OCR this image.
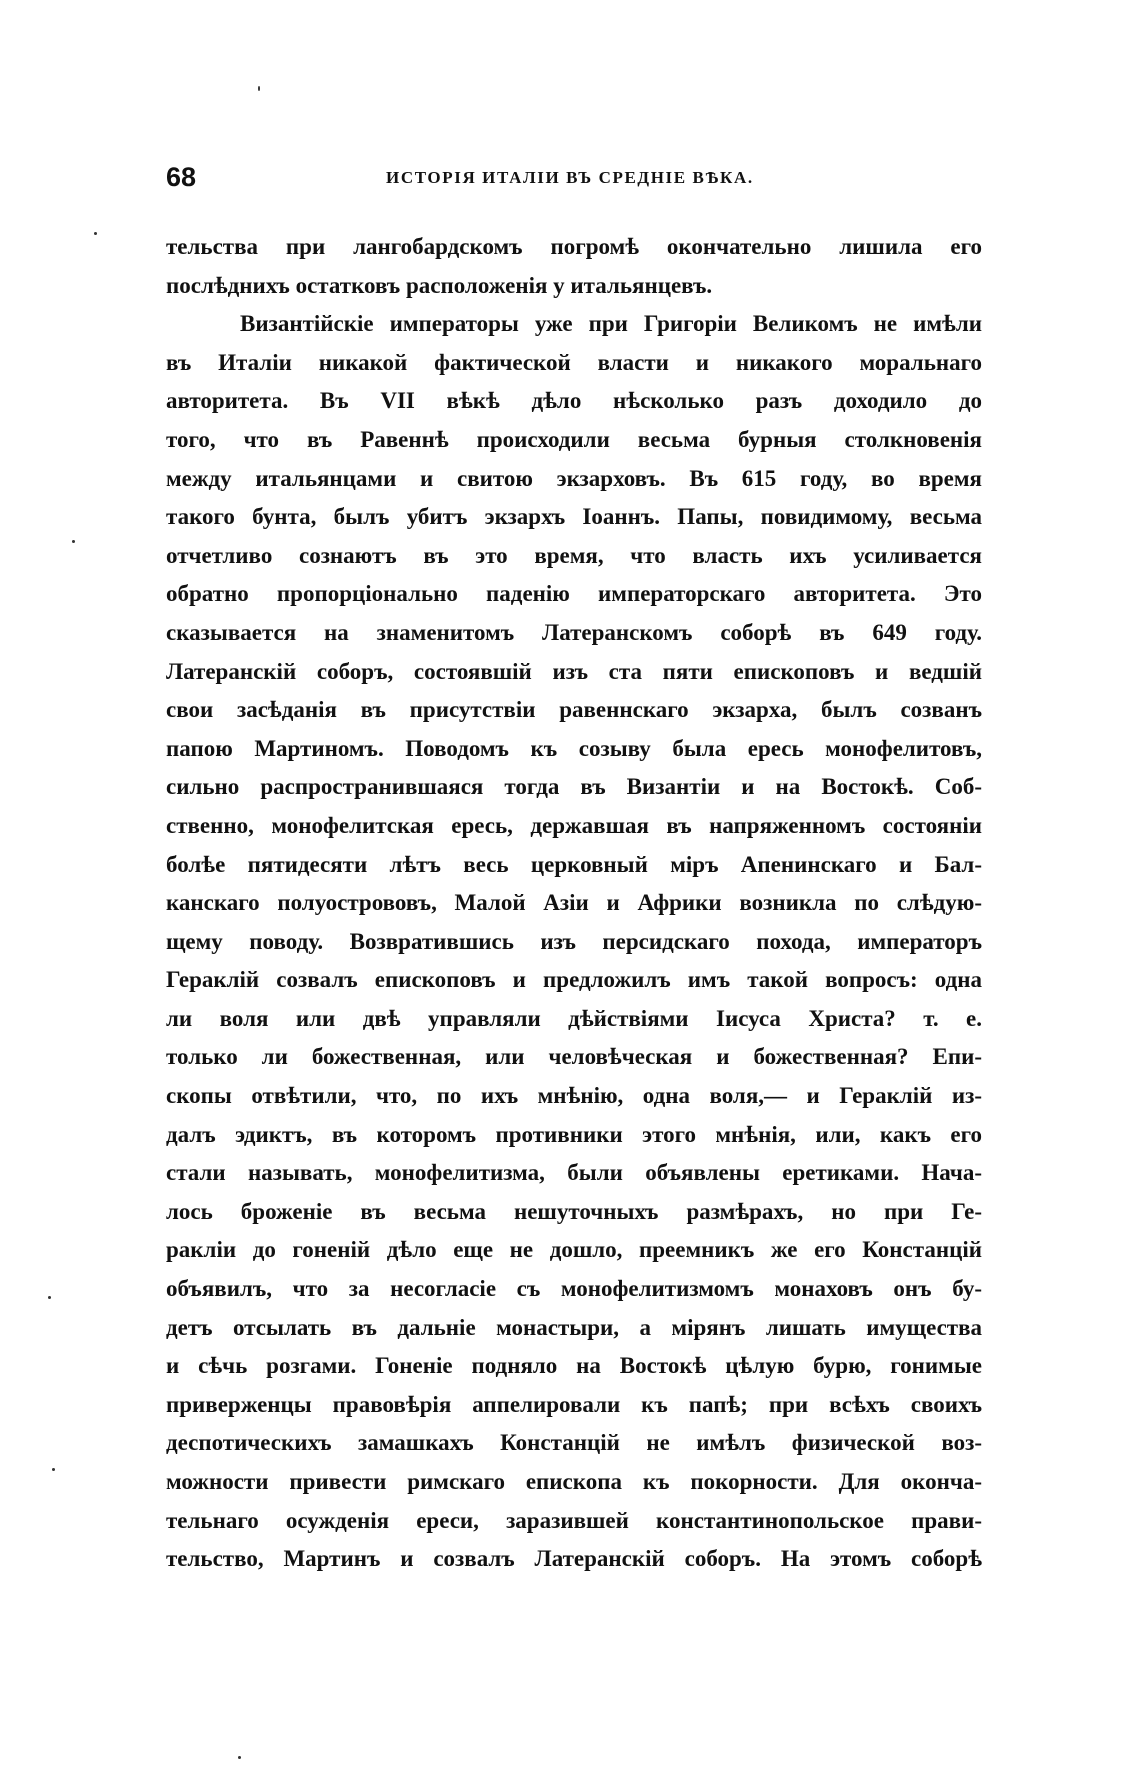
68	ИСТОРІЯ ИТАЛІИ ВЪ СРЕДНІЕ ВѢКА.
тельства при лангобардскомъ погромѣ окончательно лишила его
послѣднихъ остатковъ расположенія у итальянцевъ.
Византійскіе императоры уже при Григоріи Великомъ не имѣли
въ Италіи никакой фактической власти и никакого моральнаго
авторитета. Въ VII вѣкѣ дѣло нѣсколько разъ доходило до
того, что въ Равеннѣ происходили весьма бурныя столкновенія
между итальянцами и свитою экзарховъ. Въ 615 году, во время
такого бунта, былъ убитъ экзархъ Іоаннъ. Папы, повидимому, весьма
отчетливо сознаютъ въ это время, что власть ихъ усиливается
обратно пропорціонально паденію императорскаго авторитета. Это
сказывается на знаменитомъ Латеранскомъ соборѣ въ 649 году.
Латеранскій соборъ, состоявшій изъ ста пяти епископовъ и ведшій
свои засѣданія въ присутствіи равеннскаго экзарха, былъ созванъ
папою Мартиномъ. Поводомъ къ созыву была ересь монофелитовъ,
сильно распространившаяся тогда въ Византіи и на Востокѣ. Соб-
ственно, монофелитская ересь, державшая въ напряженномъ состояніи
болѣе пятидесяти лѣтъ весь церковный міръ Апенинскаго и Бал-
канскаго полуострововъ, Малой Азіи и Африки возникла по слѣдую-
щему поводу. Возвратившись изъ персидскаго похода, императоръ
Гераклій созвалъ епископовъ и предложилъ имъ такой вопросъ: одна
ли воля или двѣ управляли дѣйствіями Іисуса Христа? т. е.
только ли божественная, или человѣческая и божественная? Епи-
скопы отвѣтили, что, по ихъ мнѣнію, одна воля,— и Гераклій из-
далъ эдиктъ, въ которомъ противники этого мнѣнія, или, какъ его
стали называть, монофелитизма, были объявлены еретиками. Нача-
лось броженіе въ весьма нешуточныхъ размѣрахъ, но при Ге-
ракліи до гоненій дѣло еще не дошло, преемникъ же его Констанцій
объявилъ, что за несогласіе съ монофелитизмомъ монаховъ онъ бу-
детъ отсылать въ дальніе монастыри, а мірянъ лишать имущества
и сѣчь розгами. Гоненіе подняло на Востокѣ цѣлую бурю, гонимые
приверженцы правовѣрія аппелировали къ папѣ; при всѣхъ своихъ
деспотическихъ замашкахъ Констанцій не имѣлъ физической воз-
можности привести римскаго епископа къ покорности. Для оконча-
тельнаго осужденія ереси, заразившей константинопольское прави-
тельство, Мартинъ и созвалъ Латеранскій соборъ. На этомъ соборѣ
